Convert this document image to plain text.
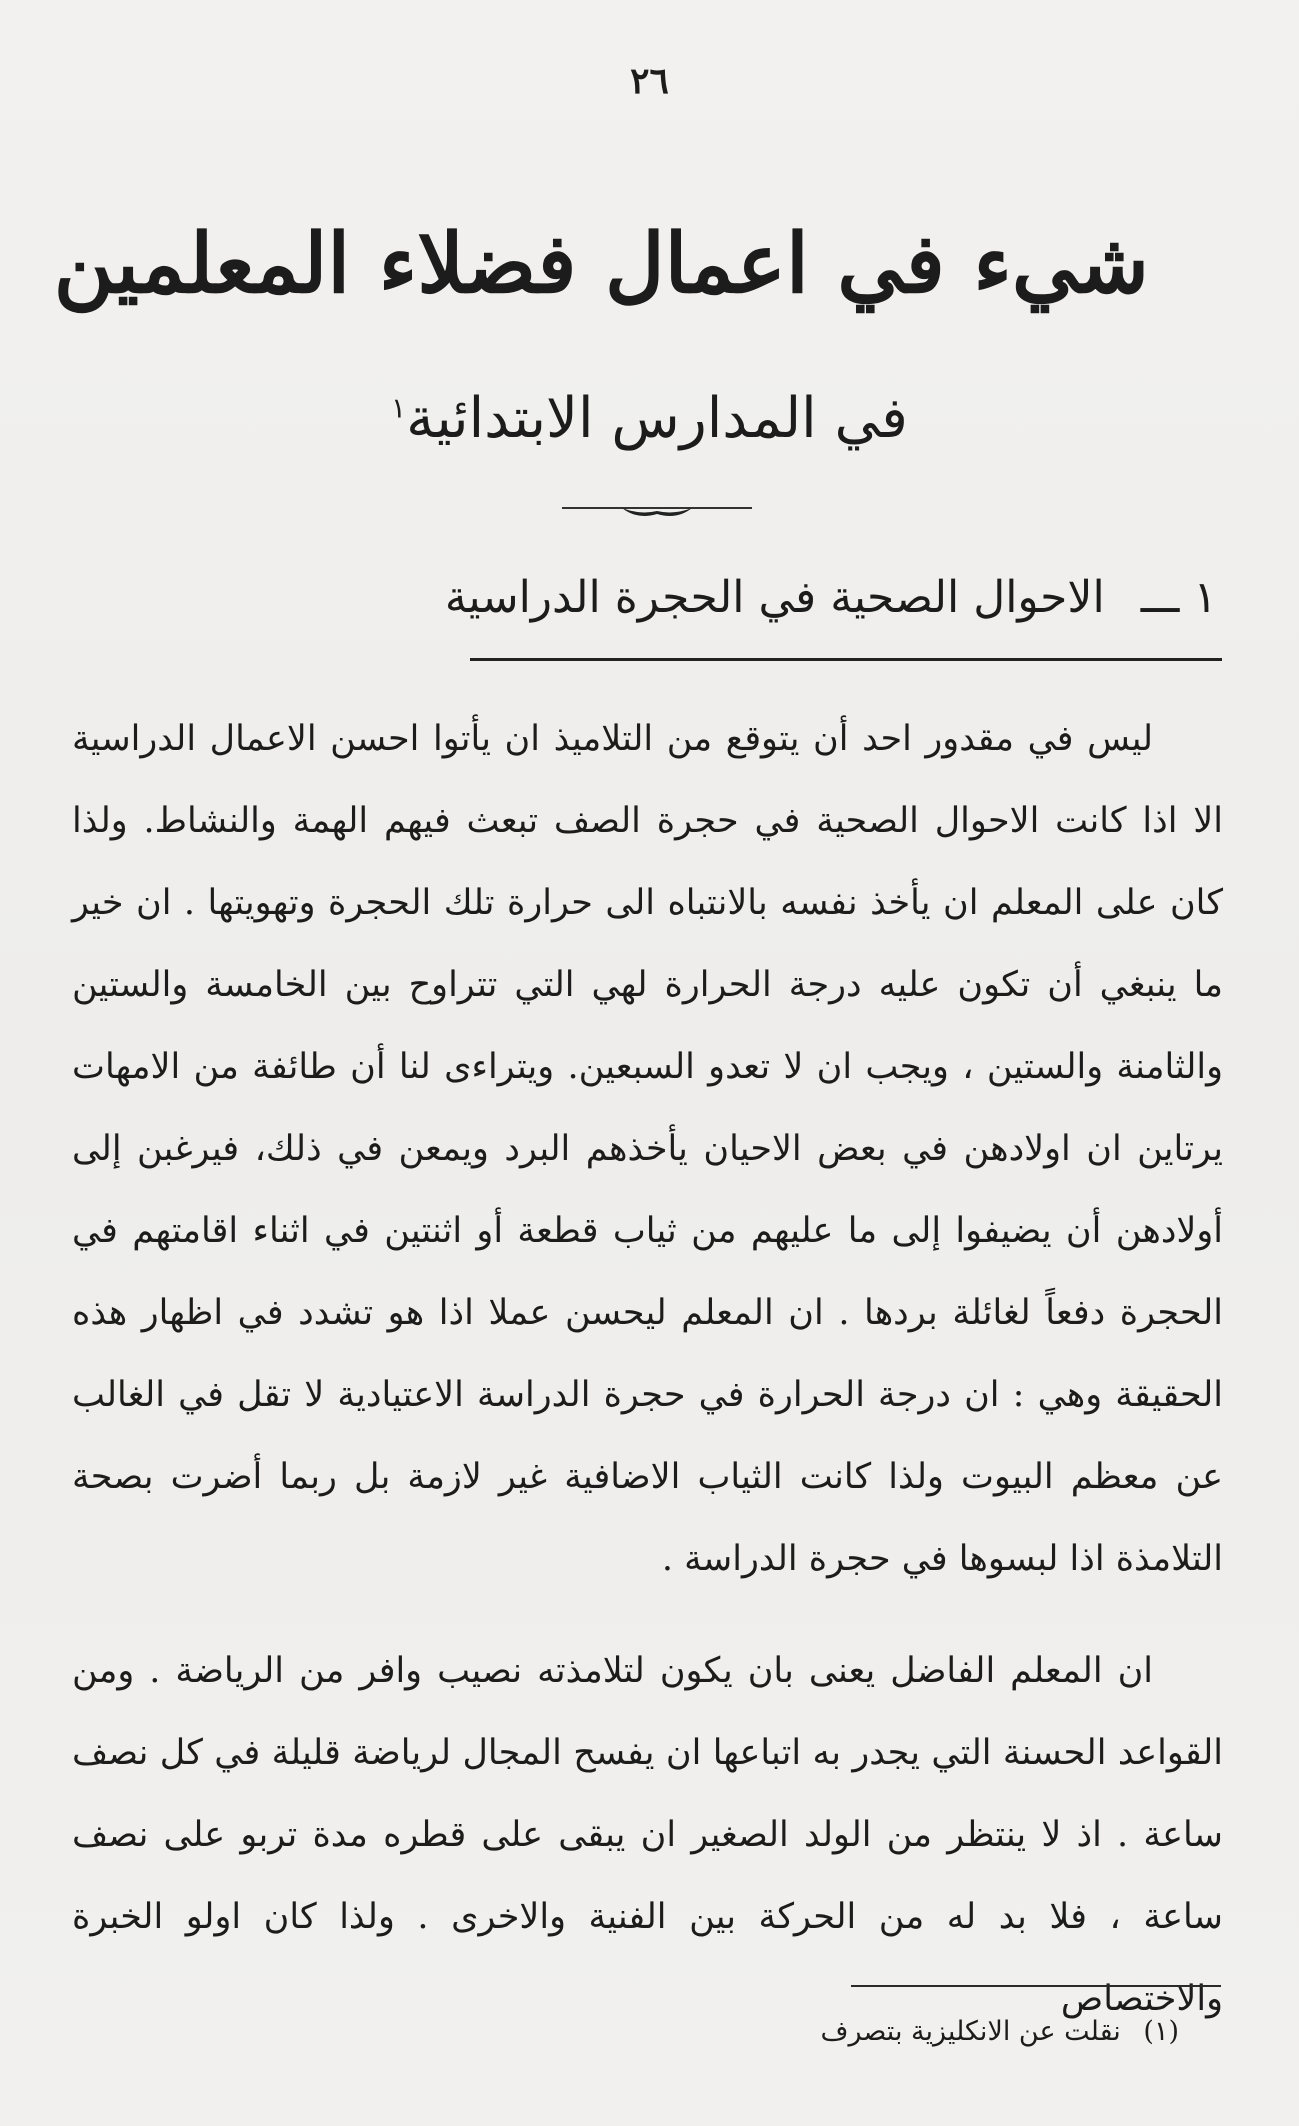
٢٦
شيء في اعمال فضلاء المعلمين
في المدارس الابتدائية$^١$
١ ـــ الاحوال الصحية في الحجرة الدراسية

ليس في مقدور احد أن يتوقع من التلاميذ ان يأتوا احسن الاعمال الدراسية الا اذا كانت الاحوال الصحية في حجرة الصف تبعث فيهم الهمة والنشاط. ولذا كان على المعلم ان يأخذ نفسه بالانتباه الى حرارة تلك الحجرة وتهويتها . ان خير ما ينبغي أن تكون عليه درجة الحرارة لهي التي تتراوح بين الخامسة والستين والثامنة والستين ، ويجب ان لا تعدو السبعين. ويتراءى لنا أن طائفة من الامهات يرتاين ان اولادهن في بعض الاحيان يأخذهم البرد ويمعن في ذلك، فيرغبن إلى أولادهن أن يضيفوا إلى ما عليهم من ثياب قطعة أو اثنتين في اثناء اقامتهم في الحجرة دفعاً لغائلة بردها . ان المعلم ليحسن عملا اذا هو تشدد في اظهار هذه الحقيقة وهي : ان درجة الحرارة في حجرة الدراسة الاعتيادية لا تقل في الغالب عن معظم البيوت ولذا كانت الثياب الاضافية غير لازمة بل ربما أضرت بصحة التلامذة اذا لبسوها في حجرة الدراسة .

ان المعلم الفاضل يعنى بان يكون لتلامذته نصيب وافر من الرياضة . ومن القواعد الحسنة التي يجدر به اتباعها ان يفسح المجال لرياضة قليلة في كل نصف ساعة . اذ لا ينتظر من الولد الصغير ان يبقى على قطره مدة تربو على نصف ساعة ، فلا بد له من الحركة بين الفنية والاخرى . ولذا كان اولو الخبرة والاختصاص

(١) نقلت عن الانكليزية بتصرف
